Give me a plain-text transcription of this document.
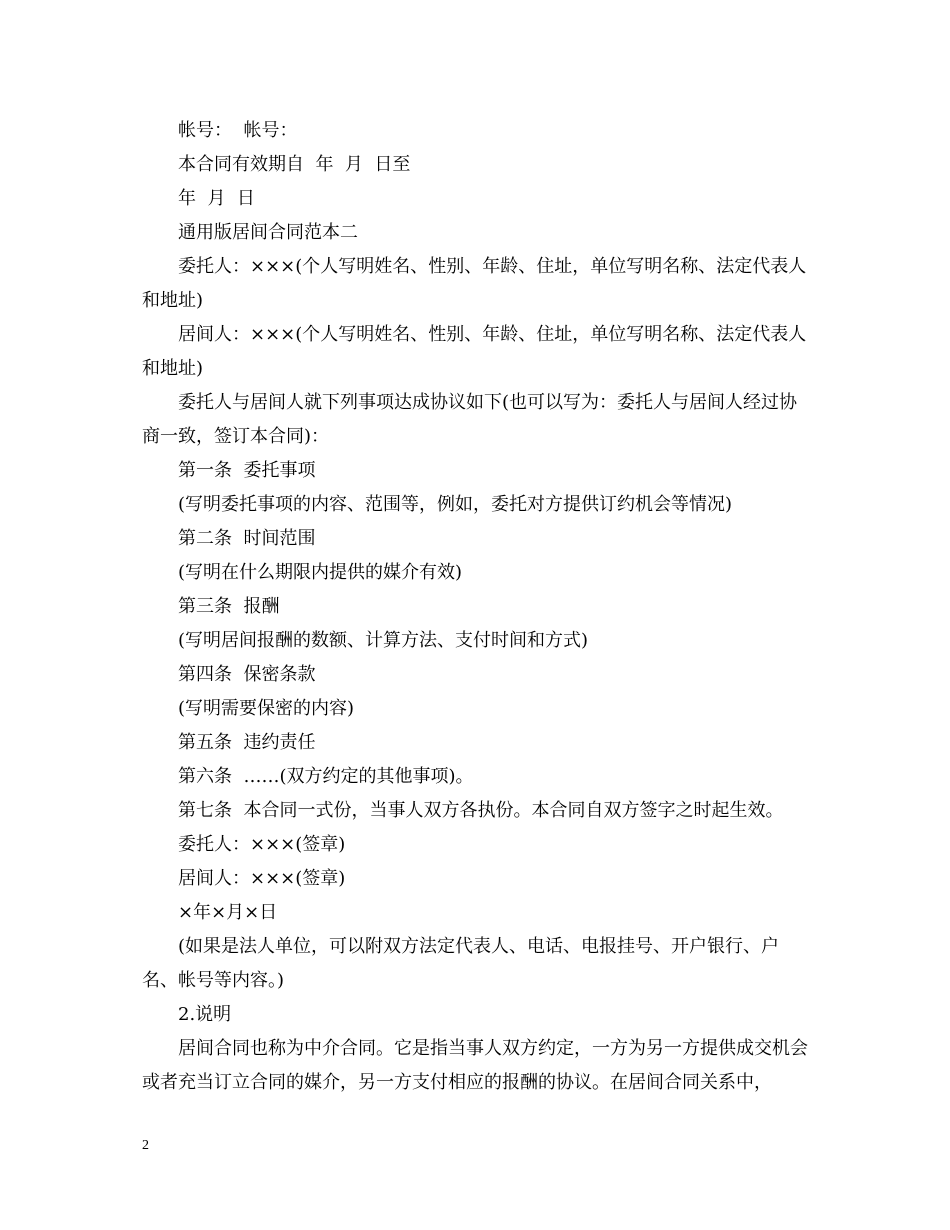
帐号：  帐号：

本合同有效期自  年  月  日至

年  月  日

通用版居间合同范本二

委托人：×××(个人写明姓名、性别、年龄、住址，单位写明名称、法定代表人和地址)

居间人：×××(个人写明姓名、性别、年龄、住址，单位写明名称、法定代表人和地址)

委托人与居间人就下列事项达成协议如下(也可以写为：委托人与居间人经过协商一致，签订本合同)：

第一条  委托事项

(写明委托事项的内容、范围等，例如，委托对方提供订约机会等情况)

第二条  时间范围

(写明在什么期限内提供的媒介有效)

第三条  报酬

(写明居间报酬的数额、计算方法、支付时间和方式)

第四条  保密条款

(写明需要保密的内容)

第五条  违约责任

第六条  ……(双方约定的其他事项)。

第七条  本合同一式份，当事人双方各执份。本合同自双方签字之时起生效。

委托人：×××(签章)

居间人：×××(签章)

×年×月×日

(如果是法人单位，可以附双方法定代表人、电话、电报挂号、开户银行、户名、帐号等内容。)

2.说明

居间合同也称为中介合同。它是指当事人双方约定，一方为另一方提供成交机会或者充当订立合同的媒介，另一方支付相应的报酬的协议。在居间合同关系中，

2
